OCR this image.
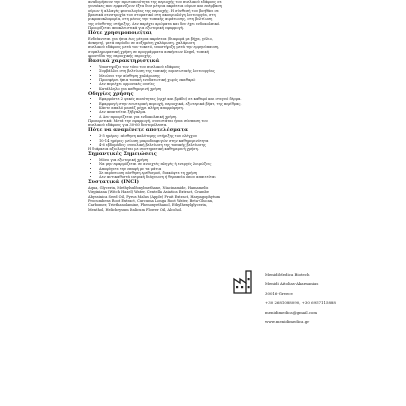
αναδομήσουν την πρωτοποιότητα της περιοχής του πυελικού εδάφους σε

γυναίκες που εμφανίζουν έξτα δυσ μέτρια ακράτεια ούρων και επέμβαση

ούρων ή αλλαγές φυσιολογίας της περιοχής. Η σύνθεσή του βοηθάει σε

βρασικά σενστροχία του στοματικό στη ακουριολόγη λειτουργία, στη

μικροκυκλοφορία, στη μέσος την τοπικής αιμάτωσης, στη βελτίωση

της σύνθετης στήριξης. Δεν παρέχει αρώματα και δεν έχει ενδοκολπικό.

Προορίζεται αποκλειστικά για εξωτερική εφαρμογή.

Πότε χρησιμοποιείται

Ενδείκνυται για ήπια έως μέτρια ακράτεια (διαφορά με βήχα, γέλιο,

άσκηση), μετά περίοδο σε αυξημένη χαλάρωση, χαλάρωση

πυελικού εδάφους μετά τον τοκετό, υποστήριξη μετά την εμμηνόπαυση,

συμπληρωματική χρήση σε προγράμματα ασκήσεων Kegel, τοπική

φροντίδα της περιοχικής περιοχής.

Βασικά χαρακτηριστικά
• Υποστηρίζει τον τόνο του πυελικού εδάφους
• Συμβάλλει στη βελτίωση της τοπικής αιματωτικής λειτουργίας
• Μειώνει την αίσθηση χαλάρωσης
• Προσφέρει ήπια τοπική ενυδατωτική χωρίς εκαθαρώ
• Δεν περιέχει ορμονικές ουσίες
• Κατάλληλο για καθημερινή χρήση
Οδηγίες χρήσης
• Εφαρμόστε 2 ψεκές ποσότητας (ερχέ και βράδυ) σε καθαρό και στεγνό δέρμα.
• Εφαρμογή στην εσωτερική περιοχή, περιοχικά, εξωτερικά βήατ, της περίθρας.
• Κάντε απαλό μασάζ μέχρι πλήρη απορρόφηση.
• Δεν απαιτείται ξέβγαλμα.
• Δ Δεν προορίζεται για ενδοκολπική χρήση.

Προαιρετικά: Μετά την εφαρμογή, συνιστάται ήπια σύσπαση του

πυελικού εδάφους για 30-60 δευτερόλεπτα.

Πότε να αναμένετε αποτελέσματα
• 3-5 ημέρες: αίσθηση καλύτερης στήριξης του ελέγχου
• 10-14 ημέρες: μείωση μικροδιαφυγών στην καθημερινότητα
• 4-6 εβδομάδες: συνολική βελτίωση της τοπικής βελτίωσης

Η διάρκεια αξιολογείται με συστηματική καθημερινή χρήση.

Σημαντικές Σημειώσεις
• Μόνο για εξωτερική χρήση
• Να μην εφαρμόζεται σε ανοιχτές πληγές ή ενεργές λοιμώξεις
• Αποφύγετε την επαφή με τα μάτια
• Σε περίπτωση αίσθηση ερεθισμού, διακόψτε τη χρήση
• Δεν αντικαθιστά ιατρική διάγνωση ή θεραπεία όπου απαιτείται
Συστατικά (INCI)

Aqua, Glycerin, Methylsulfonylmethane, Niacinamide, Hamamelis

Virginiana (Witch Hazel) Water, Centella Asiatica Extract, Crambe

Abyssinica Seed Oil, Pyrus Malus (Apple) Fruit Extract, Harpagophytum

Procumbens Root Extract, Curcuma Longa Root Water, Beta-Glucan,

Carbomer, Triethanolamine, Phenoxyethanol, Ethylhexylglycerin,

Menthol, Helichrysum Italicum Flower Oil, Alcohol.

MenidiMedica Biotech

Menidi Aitolias-Akarnanias

30016-Greece

+30 2681088090, +30 6957115888

menidimedica@gmail.com

www.menidimedica.gr
